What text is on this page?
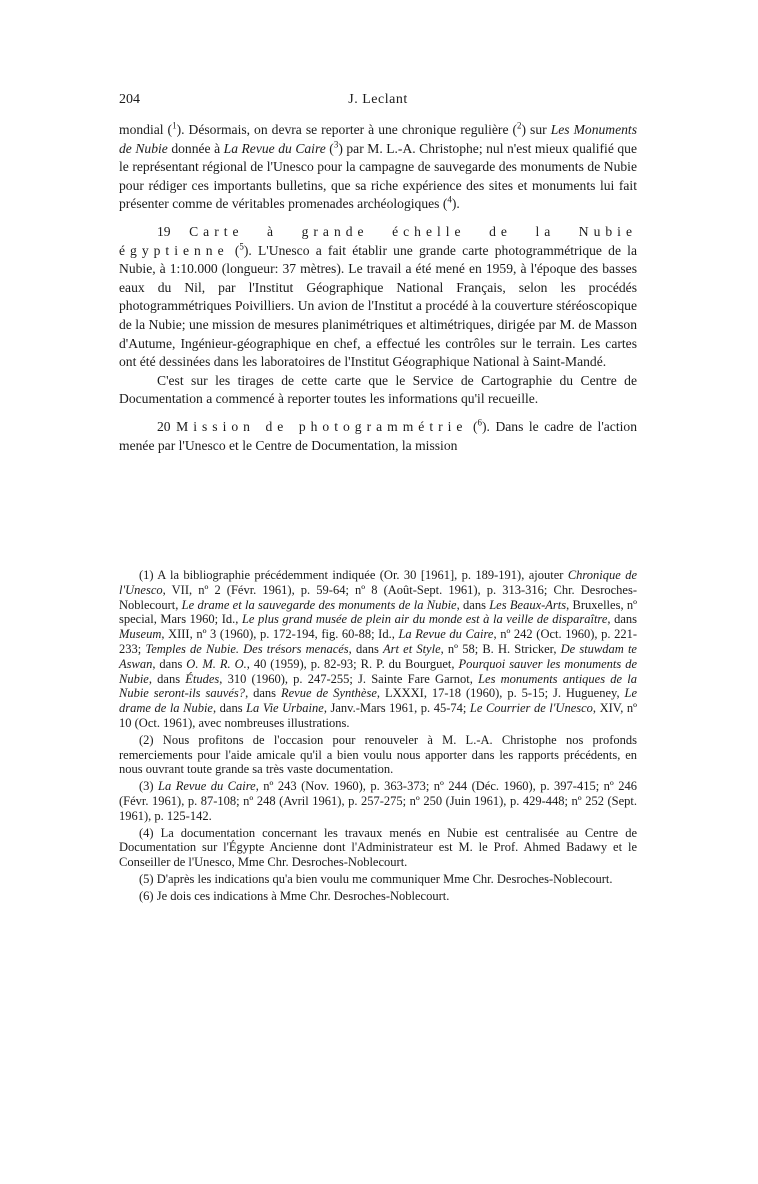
204	J. Leclant

mondial ($^1$). Désormais, on devra se reporter à une chronique regulière ($^2$) sur Les Monuments de Nubie donnée à La Revue du Caire ($^3$) par M. L.-A. Christophe; nul n'est mieux qualifié que le représentant régional de l'Unesco pour la campagne de sauvegarde des monuments de Nubie pour rédiger ces importants bulletins, que sa riche expérience des sites et monuments lui fait présenter comme de véritables promenades archéologiques ($^4$).

19 Carte à grande échelle de la Nubie égyptienne ($^5$). L'Unesco a fait établir une grande carte photogrammétrique de la Nubie, à 1:10.000 (longueur: 37 mètres). Le travail a été mené en 1959, à l'époque des basses eaux du Nil, par l'Institut Géographique National Français, selon les procédés photogrammétriques Poivilliers. Un avion de l'Institut a procédé à la couverture stéréoscopique de la Nubie; une mission de mesures planimétriques et altimétriques, dirigée par M. de Masson d'Autume, Ingénieur-géographique en chef, a effectué les contrôles sur le terrain. Les cartes ont été dessinées dans les laboratoires de l'Institut Géographique National à Saint-Mandé.

C'est sur les tirages de cette carte que le Service de Cartographie du Centre de Documentation a commencé à reporter toutes les informations qu'il recueille.

20 Mission de photogrammétrie ($^6$). Dans le cadre de l'action menée par l'Unesco et le Centre de Documentation, la mission

(1) A la bibliographie précédemment indiquée (Or. 30 [1961], p. 189-191), ajouter Chronique de l'Unesco, VII, nº 2 (Févr. 1961), p. 59-64; nº 8 (Août-Sept. 1961), p. 313-316; Chr. Desroches-Noblecourt, Le drame et la sauvegarde des monuments de la Nubie, dans Les Beaux-Arts, Bruxelles, nº special, Mars 1960; Id., Le plus grand musée de plein air du monde est à la veille de disparaître, dans Museum, XIII, nº 3 (1960), p. 172-194, fig. 60-88; Id., La Revue du Caire, nº 242 (Oct. 1960), p. 221-233; Temples de Nubie. Des trésors menacés, dans Art et Style, nº 58; B. H. Stricker, De stuwdam te Aswan, dans O. M. R. O., 40 (1959), p. 82-93; R. P. du Bourguet, Pourquoi sauver les monuments de Nubie, dans Études, 310 (1960), p. 247-255; J. Sainte Fare Garnot, Les monuments antiques de la Nubie seront-ils sauvés?, dans Revue de Synthèse, LXXXI, 17-18 (1960), p. 5-15; J. Huguenеy, Le drame de la Nubie, dans La Vie Urbaine, Janv.-Mars 1961, p. 45-74; Le Courrier de l'Unesco, XIV, nº 10 (Oct. 1961), avec nombreuses illustrations.

(2) Nous profitons de l'occasion pour renouveler à M. L.-A. Christophe nos profonds remerciements pour l'aide amicale qu'il a bien voulu nous apporter dans les rapports précédents, en nous ouvrant toute grande sa très vaste documentation.

(3) La Revue du Caire, nº 243 (Nov. 1960), p. 363-373; nº 244 (Déc. 1960), p. 397-415; nº 246 (Févr. 1961), p. 87-108; nº 248 (Avril 1961), p. 257-275; nº 250 (Juin 1961), p. 429-448; nº 252 (Sept. 1961), p. 125-142.

(4) La documentation concernant les travaux menés en Nubie est centralisée au Centre de Documentation sur l'Égypte Ancienne dont l'Administrateur est M. le Prof. Ahmed Badawy et le Conseiller de l'Unesco, Mme Chr. Desroches-Noblecourt.

(5) D'après les indications qu'a bien voulu me communiquer Mme Chr. Desroches-Noblecourt.

(6) Je dois ces indications à Mme Chr. Desroches-Noblecourt.
